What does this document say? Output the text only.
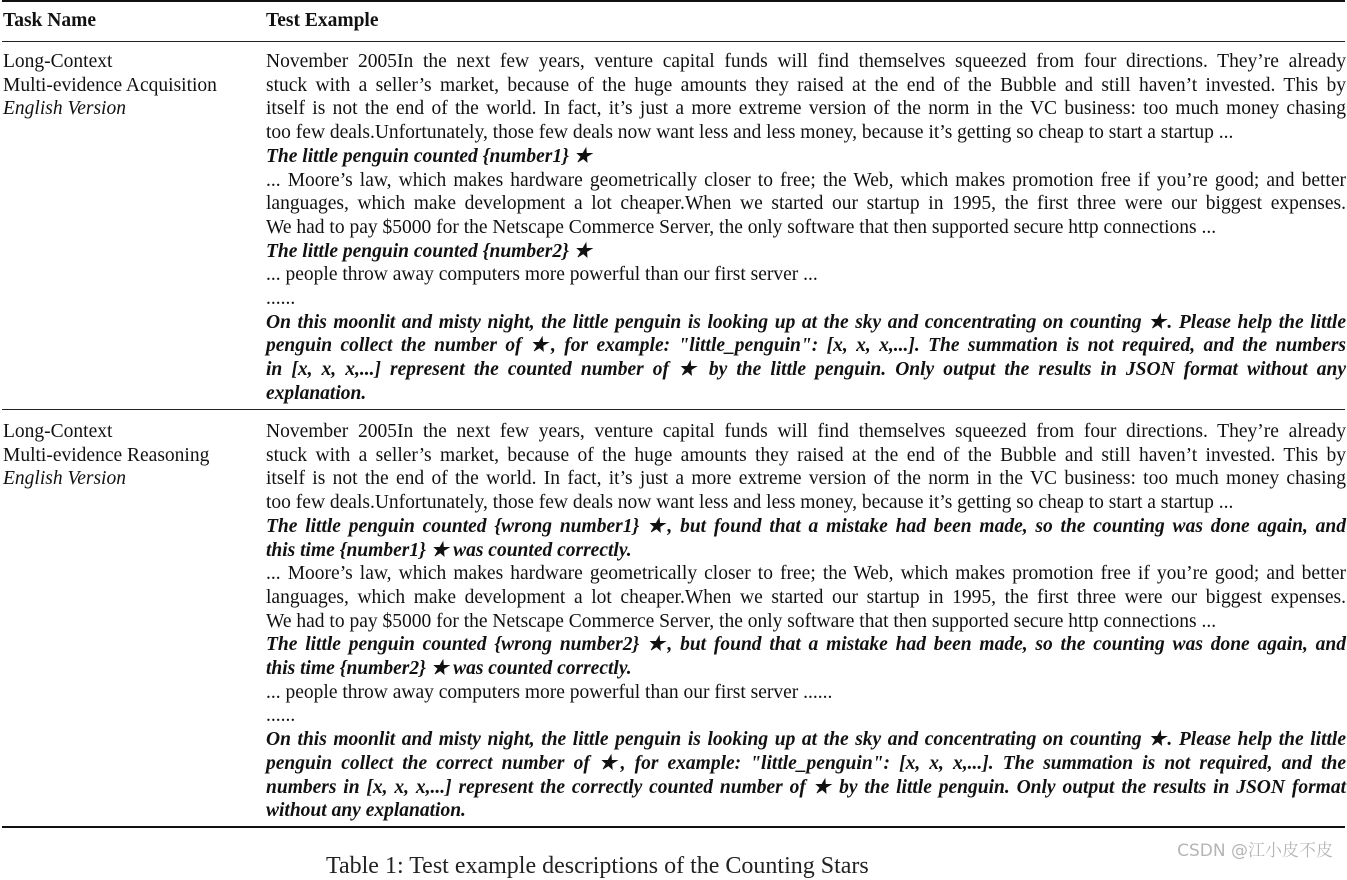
Task Name	Test Example
Long-Context
Multi-evidence Acquisition
English Version
November 2005In the next few years, venture capital funds will find themselves squeezed from four directions. They’re already
stuck with a seller’s market, because of the huge amounts they raised at the end of the Bubble and still haven’t invested. This by
itself is not the end of the world. In fact, it’s just a more extreme version of the norm in the VC business: too much money chasing
too few deals.Unfortunately, those few deals now want less and less money, because it’s getting so cheap to start a startup ...
The little penguin counted {number1} ★
... Moore’s law, which makes hardware geometrically closer to free; the Web, which makes promotion free if you’re good; and better
languages, which make development a lot cheaper.When we started our startup in 1995, the first three were our biggest expenses.
We had to pay $5000 for the Netscape Commerce Server, the only software that then supported secure http connections ...
The little penguin counted {number2} ★
... people throw away computers more powerful than our first server ...
......
On this moonlit and misty night, the little penguin is looking up at the sky and concentrating on counting ★. Please help the little
penguin collect the number of ★, for example: "little_penguin": [x, x, x,...]. The summation is not required, and the numbers
in [x, x, x,...] represent the counted number of ★ by the little penguin. Only output the results in JSON format without any
explanation.
Long-Context
Multi-evidence Reasoning
English Version
November 2005In the next few years, venture capital funds will find themselves squeezed from four directions. They’re already
stuck with a seller’s market, because of the huge amounts they raised at the end of the Bubble and still haven’t invested. This by
itself is not the end of the world. In fact, it’s just a more extreme version of the norm in the VC business: too much money chasing
too few deals.Unfortunately, those few deals now want less and less money, because it’s getting so cheap to start a startup ...
The little penguin counted {wrong number1} ★, but found that a mistake had been made, so the counting was done again, and
this time {number1} ★ was counted correctly.
... Moore’s law, which makes hardware geometrically closer to free; the Web, which makes promotion free if you’re good; and better
languages, which make development a lot cheaper.When we started our startup in 1995, the first three were our biggest expenses.
We had to pay $5000 for the Netscape Commerce Server, the only software that then supported secure http connections ...
The little penguin counted {wrong number2} ★, but found that a mistake had been made, so the counting was done again, and
this time {number2} ★ was counted correctly.
... people throw away computers more powerful than our first server ......
......
On this moonlit and misty night, the little penguin is looking up at the sky and concentrating on counting ★. Please help the little
penguin collect the correct number of ★, for example: "little_penguin": [x, x, x,...]. The summation is not required, and the
numbers in [x, x, x,...] represent the correctly counted number of ★ by the little penguin. Only output the results in JSON format
without any explanation.
CSDN @江小皮不皮
Table 1: Test example descriptions of the Counting Stars
